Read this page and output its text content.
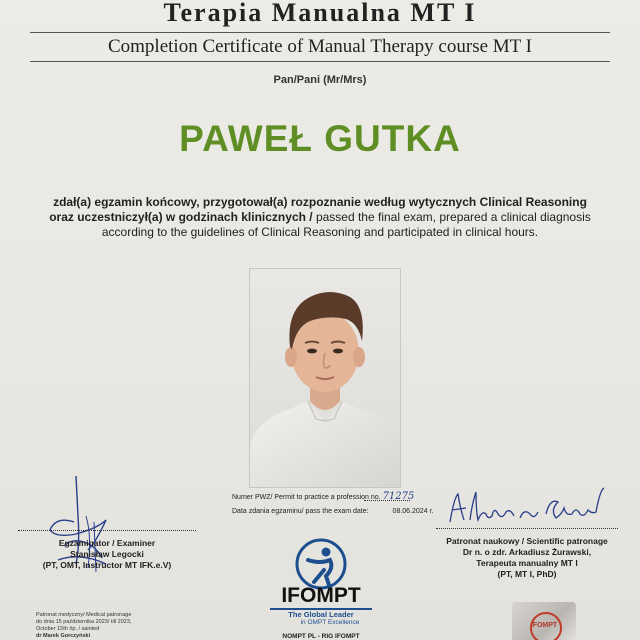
Terapia Manualna MT I
Completion Certificate of Manual Therapy course MT I
Pan/Pani (Mr/Mrs)
PAWEŁ GUTKA
zdał(a) egzamin końcowy, przygotował(a) rozpoznanie według wytycznych Clinical Reasoning
oraz uczestniczył(a) w godzinach klinicznych / passed the final exam, prepared a clinical diagnosis
according to the guidelines of Clinical Reasoning and participated in clinical hours.
Numer PWZ/ Permit to practice a profession no. 71275
Data zdania egzaminu/ pass the exam date:	08.06.2024 r.
Egzaminator / Examiner
Stanisław Legocki
(PT, OMT, Instructor MT IFK.e.V)
Patronat naukowy / Scientific patronage
Dr n. o zdr. Arkadiusz Żurawski,
Terapeuta manualny MT I
(PT, MT I, PhD)
Patronat medyczny/ Medical patronage
do dnia 15 października 2023/ till 2023,
October 15th ńp. / sainted
dr Marek Gorczyński
IFOMPT
The Global Leader
in OMPT Excellence
NOMPT PL - RIG IFOMPT
IFOMPT
